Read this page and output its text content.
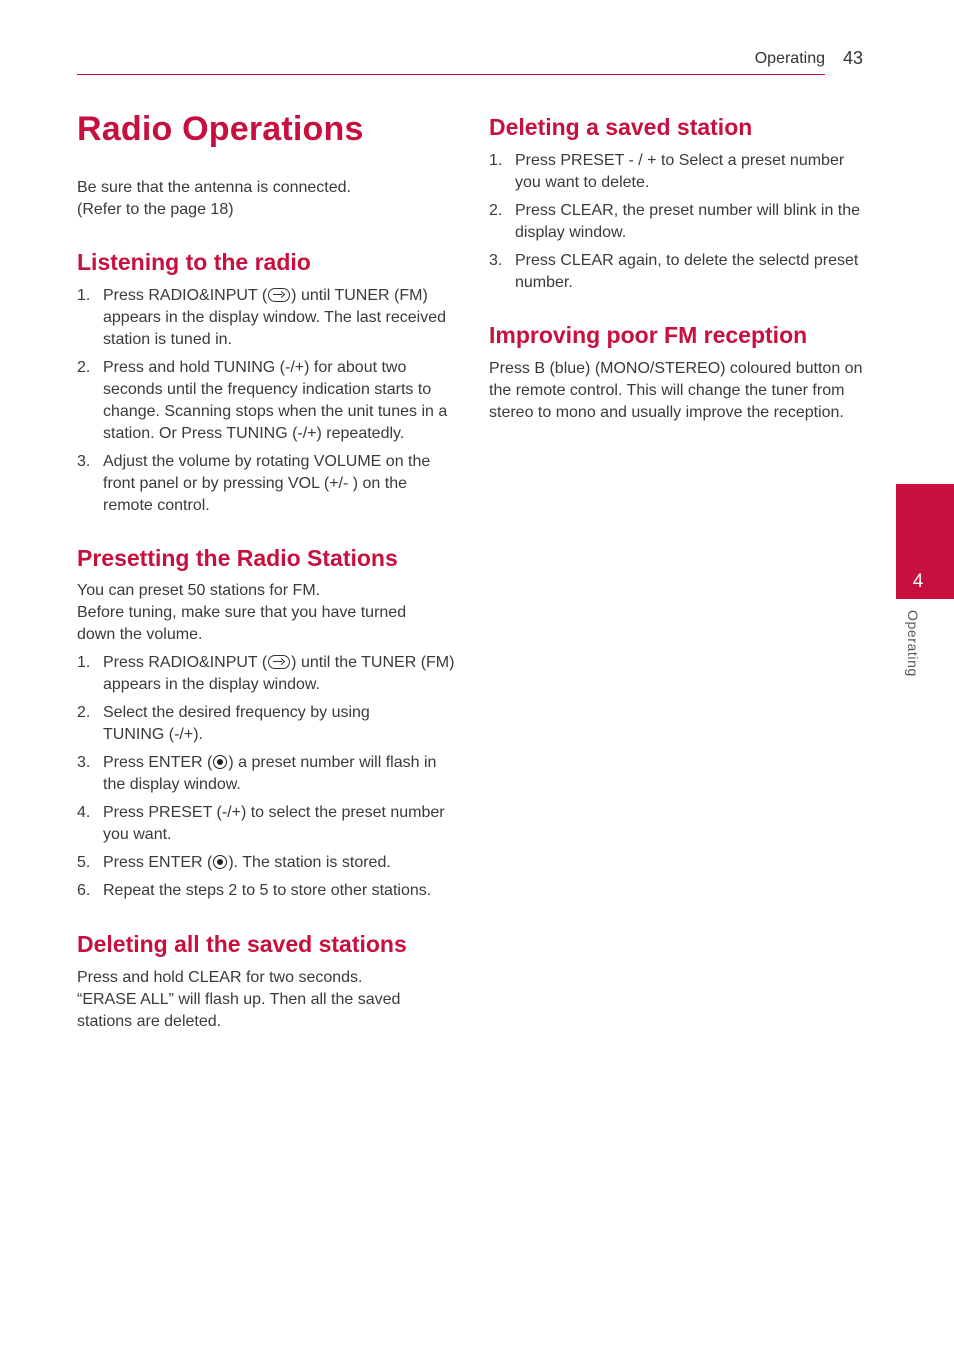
Operating 43
Radio Operations

Be sure that the antenna is connected.
(Refer to the page 18)

Listening to the radio
1. Press RADIO&INPUT ( ) until TUNER (FM) appears in the display window. The last received station is tuned in.
2. Press and hold TUNING (-/+) for about two seconds until the frequency indication starts to change. Scanning stops when the unit tunes in a station. Or Press TUNING (-/+) repeatedly.
3. Adjust the volume by rotating VOLUME on the front panel or by pressing VOL (+/- ) on the remote control.
Presetting the Radio Stations

You can preset 50 stations for FM.
Before tuning, make sure that you have turned down the volume.

1. Press RADIO&INPUT ( ) until the TUNER (FM) appears in the display window.
2. Select the desired frequency by using TUNING (-/+).
3. Press ENTER ( ) a preset number will flash in the display window.
4. Press PRESET (-/+) to select the preset number you want.
5. Press ENTER ( ). The station is stored.
6. Repeat the steps 2 to 5 to store other stations.
Deleting all the saved stations

Press and hold CLEAR for two seconds.
“ERASE ALL” will flash up. Then all the saved stations are deleted.

Deleting a saved station
1. Press PRESET - / + to Select a preset number you want to delete.
2. Press CLEAR, the preset number will blink in the display window.
3. Press CLEAR again, to delete the selectd preset number.
Improving poor FM reception

Press B (blue) (MONO/STEREO) coloured button on the remote control. This will change the tuner from stereo to mono and usually improve the reception.

4
Operating
